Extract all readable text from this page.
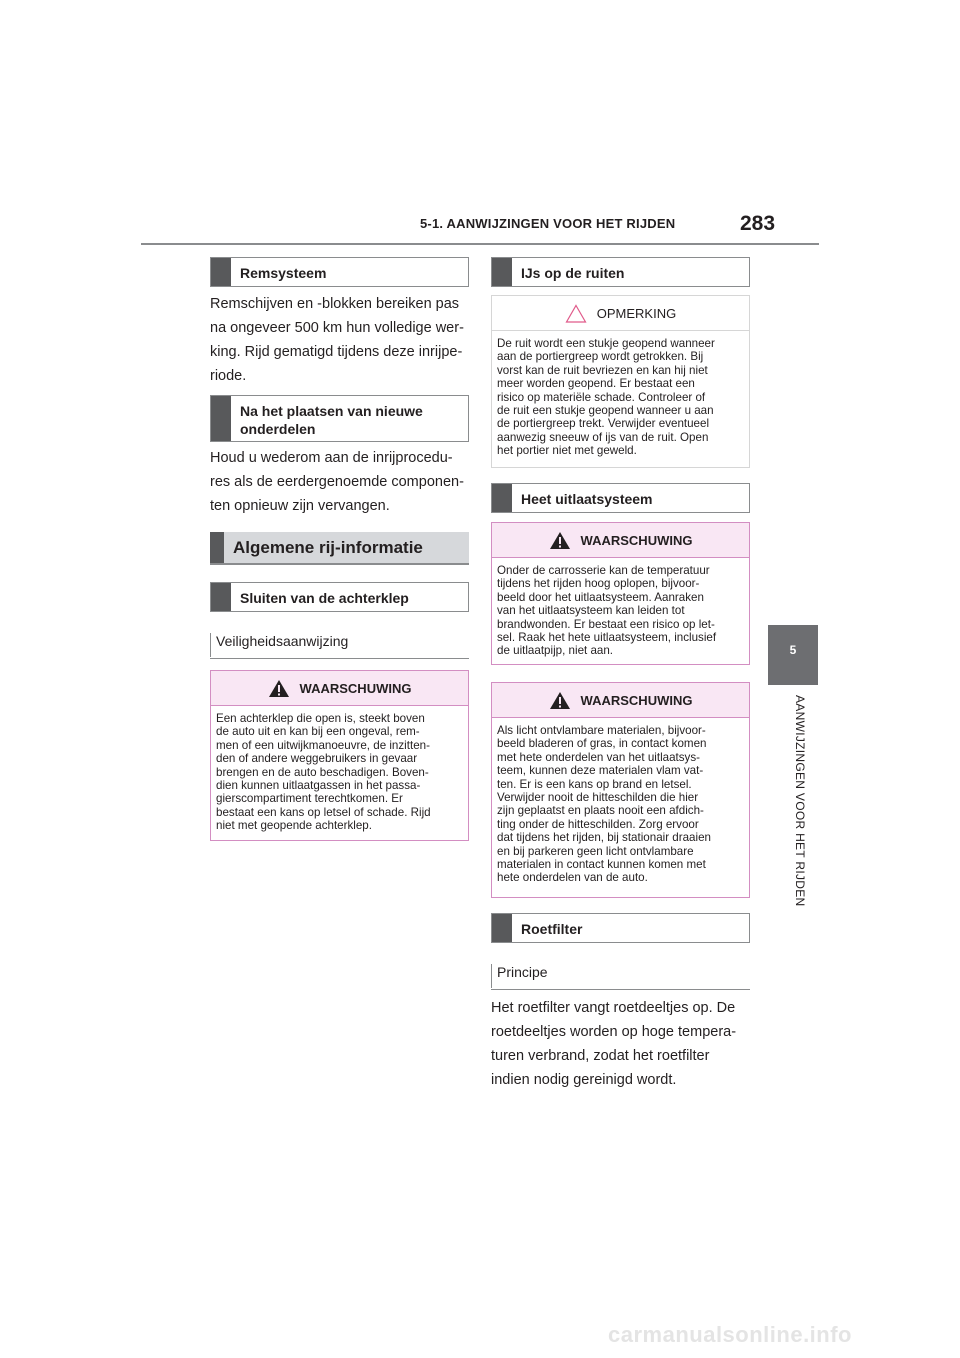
5-1. AANWIJZINGEN VOOR HET RIJDEN	283
5
AANWIJZINGEN VOOR HET RIJDEN
Remsysteem
Remschijven en -blokken bereiken pas
na ongeveer 500 km hun volledige wer-
king. Rijd gematigd tijdens deze inrijpe-
riode.
Na het plaatsen van nieuwe
onderdelen
Houd u wederom aan de inrijprocedu-
res als de eerdergenoemde componen-
ten opnieuw zijn vervangen.
Algemene rij-informatie
Sluiten van de achterklep
Veiligheidsaanwijzing
WAARSCHUWING
Een achterklep die open is, steekt boven
de auto uit en kan bij een ongeval, rem-
men of een uitwijkmanoeuvre, de inzitten-
den of andere weggebruikers in gevaar
brengen en de auto beschadigen. Boven-
dien kunnen uitlaatgassen in het passa-
gierscompartiment terechtkomen. Er
bestaat een kans op letsel of schade. Rijd
niet met geopende achterklep.
IJs op de ruiten
OPMERKING
De ruit wordt een stukje geopend wanneer
aan de portiergreep wordt getrokken. Bij
vorst kan de ruit bevriezen en kan hij niet
meer worden geopend. Er bestaat een
risico op materiële schade. Controleer of
de ruit een stukje geopend wanneer u aan
de portiergreep trekt. Verwijder eventueel
aanwezig sneeuw of ijs van de ruit. Open
het portier niet met geweld.
Heet uitlaatsysteem
WAARSCHUWING
Onder de carrosserie kan de temperatuur
tijdens het rijden hoog oplopen, bijvoor-
beeld door het uitlaatsysteem. Aanraken
van het uitlaatsysteem kan leiden tot
brandwonden. Er bestaat een risico op let-
sel. Raak het hete uitlaatsysteem, inclusief
de uitlaatpijp, niet aan.
WAARSCHUWING
Als licht ontvlambare materialen, bijvoor-
beeld bladeren of gras, in contact komen
met hete onderdelen van het uitlaatsys-
teem, kunnen deze materialen vlam vat-
ten. Er is een kans op brand en letsel.
Verwijder nooit de hitteschilden die hier
zijn geplaatst en plaats nooit een afdich-
ting onder de hitteschilden. Zorg ervoor
dat tijdens het rijden, bij stationair draaien
en bij parkeren geen licht ontvlambare
materialen in contact kunnen komen met
hete onderdelen van de auto.
Roetfilter
Principe
Het roetfilter vangt roetdeeltjes op. De
roetdeeltjes worden op hoge tempera-
turen verbrand, zodat het roetfilter
indien nodig gereinigd wordt.
carmanualsonline.info
